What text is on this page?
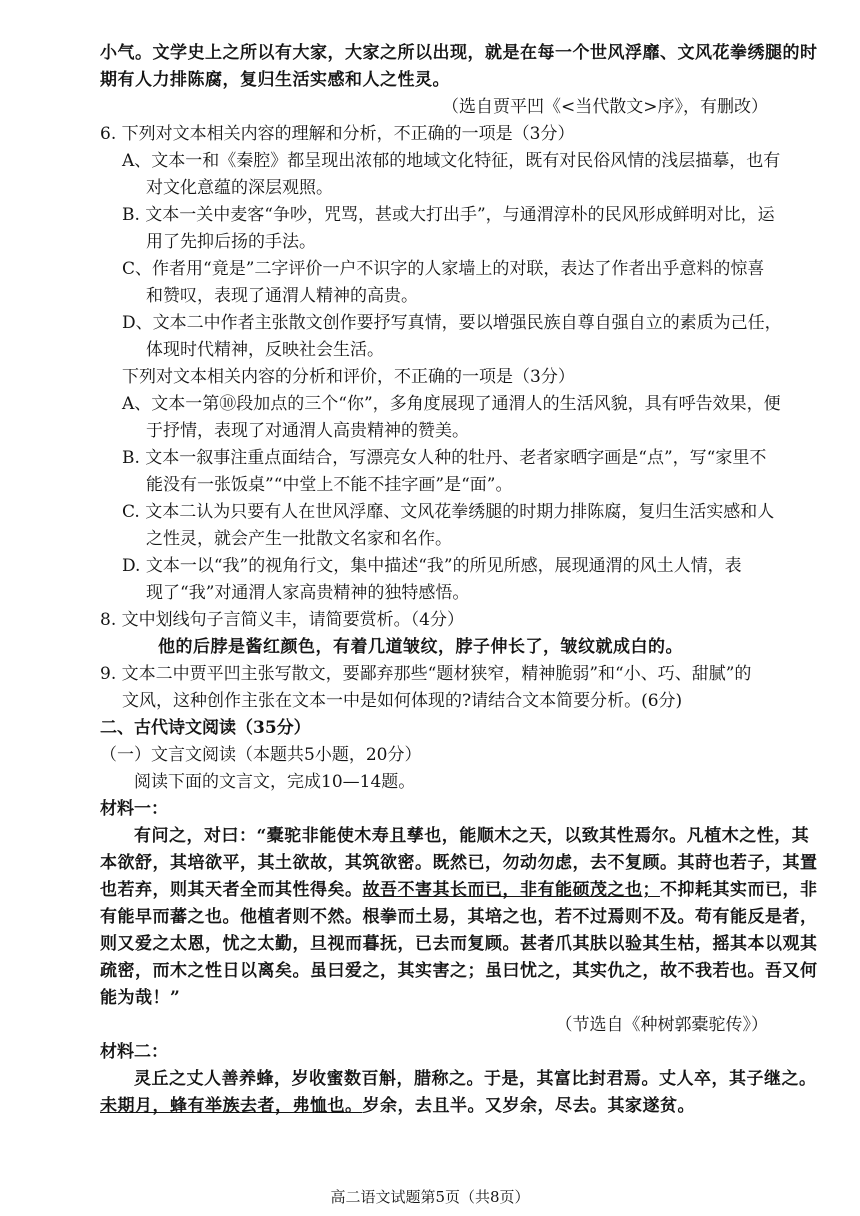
小气。文学史上之所以有大家，大家之所以出现，就是在每一个世风浮靡、文风花拳绣腿的时
期有人力排陈腐，复归生活实感和人之性灵。
（选自贾平凹《<当代散文>序》，有删改）
6. 下列对文本相关内容的理解和分析，不正确的一项是（3分）
A、文本一和《秦腔》都呈现出浓郁的地域文化特征，既有对民俗风情的浅层描摹，也有
对文化意蕴的深层观照。
B. 文本一关中麦客“争吵，咒骂，甚或大打出手”，与通渭淳朴的民风形成鲜明对比，运
用了先抑后扬的手法。
C、作者用“竟是”二字评价一户不识字的人家墙上的对联，表达了作者出乎意料的惊喜
和赞叹，表现了通渭人精神的高贵。
D、文本二中作者主张散文创作要抒写真情，要以增强民族自尊自强自立的素质为己任，
体现时代精神，反映社会生活。
下列对文本相关内容的分析和评价，不正确的一项是（3分）
A、文本一第⑩段加点的三个“你”，多角度展现了通渭人的生活风貌，具有呼告效果，便
于抒情，表现了对通渭人高贵精神的赞美。
B. 文本一叙事注重点面结合，写漂亮女人种的牡丹、老者家晒字画是“点”，写“家里不
能没有一张饭桌”“中堂上不能不挂字画”是“面”。
C. 文本二认为只要有人在世风浮靡、文风花拳绣腿的时期力排陈腐，复归生活实感和人
之性灵，就会产生一批散文名家和名作。
D. 文本一以“我”的视角行文，集中描述“我”的所见所感，展现通渭的风土人情，表
现了“我”对通渭人家高贵精神的独特感悟。
8. 文中划线句子言简义丰，请简要赏析。（4分）
他的后脖是酱红颜色，有着几道皱纹，脖子伸长了，皱纹就成白的。
9. 文本二中贾平凹主张写散文，要鄙弃那些“题材狭窄，精神脆弱”和“小、巧、甜腻”的
文风，这种创作主张在文本一中是如何体现的?请结合文本简要分析。(6分)
二、古代诗文阅读（35分）
（一）文言文阅读（本题共5小题，20分）
阅读下面的文言文，完成10—14题。
材料一：
有问之，对曰：“橐驼非能使木寿且孳也，能顺木之天，以致其性焉尔。凡植木之性，其
本欲舒，其培欲平，其土欲故，其筑欲密。既然已，勿动勿虑，去不复顾。其莳也若子，其置
也若弃，则其天者全而其性得矣。故吾不害其长而已，非有能硕茂之也；不抑耗其实而已，非
有能早而蕃之也。他植者则不然。根拳而土易，其培之也，若不过焉则不及。苟有能反是者，
则又爱之太恩，忧之太勤，旦视而暮抚，已去而复顾。甚者爪其肤以验其生枯，摇其本以观其
疏密，而木之性日以离矣。虽曰爱之，其实害之；虽曰忧之，其实仇之，故不我若也。吾又何
能为哉！”
（节选自《种树郭橐驼传》）
材料二：
灵丘之丈人善养蜂，岁收蜜数百斛，腊称之。于是，其富比封君焉。丈人卒，其子继之。
未期月，蜂有举族去者，弗恤也。岁余，去且半。又岁余，尽去。其家遂贫。
高二语文试题第5页（共8页）
